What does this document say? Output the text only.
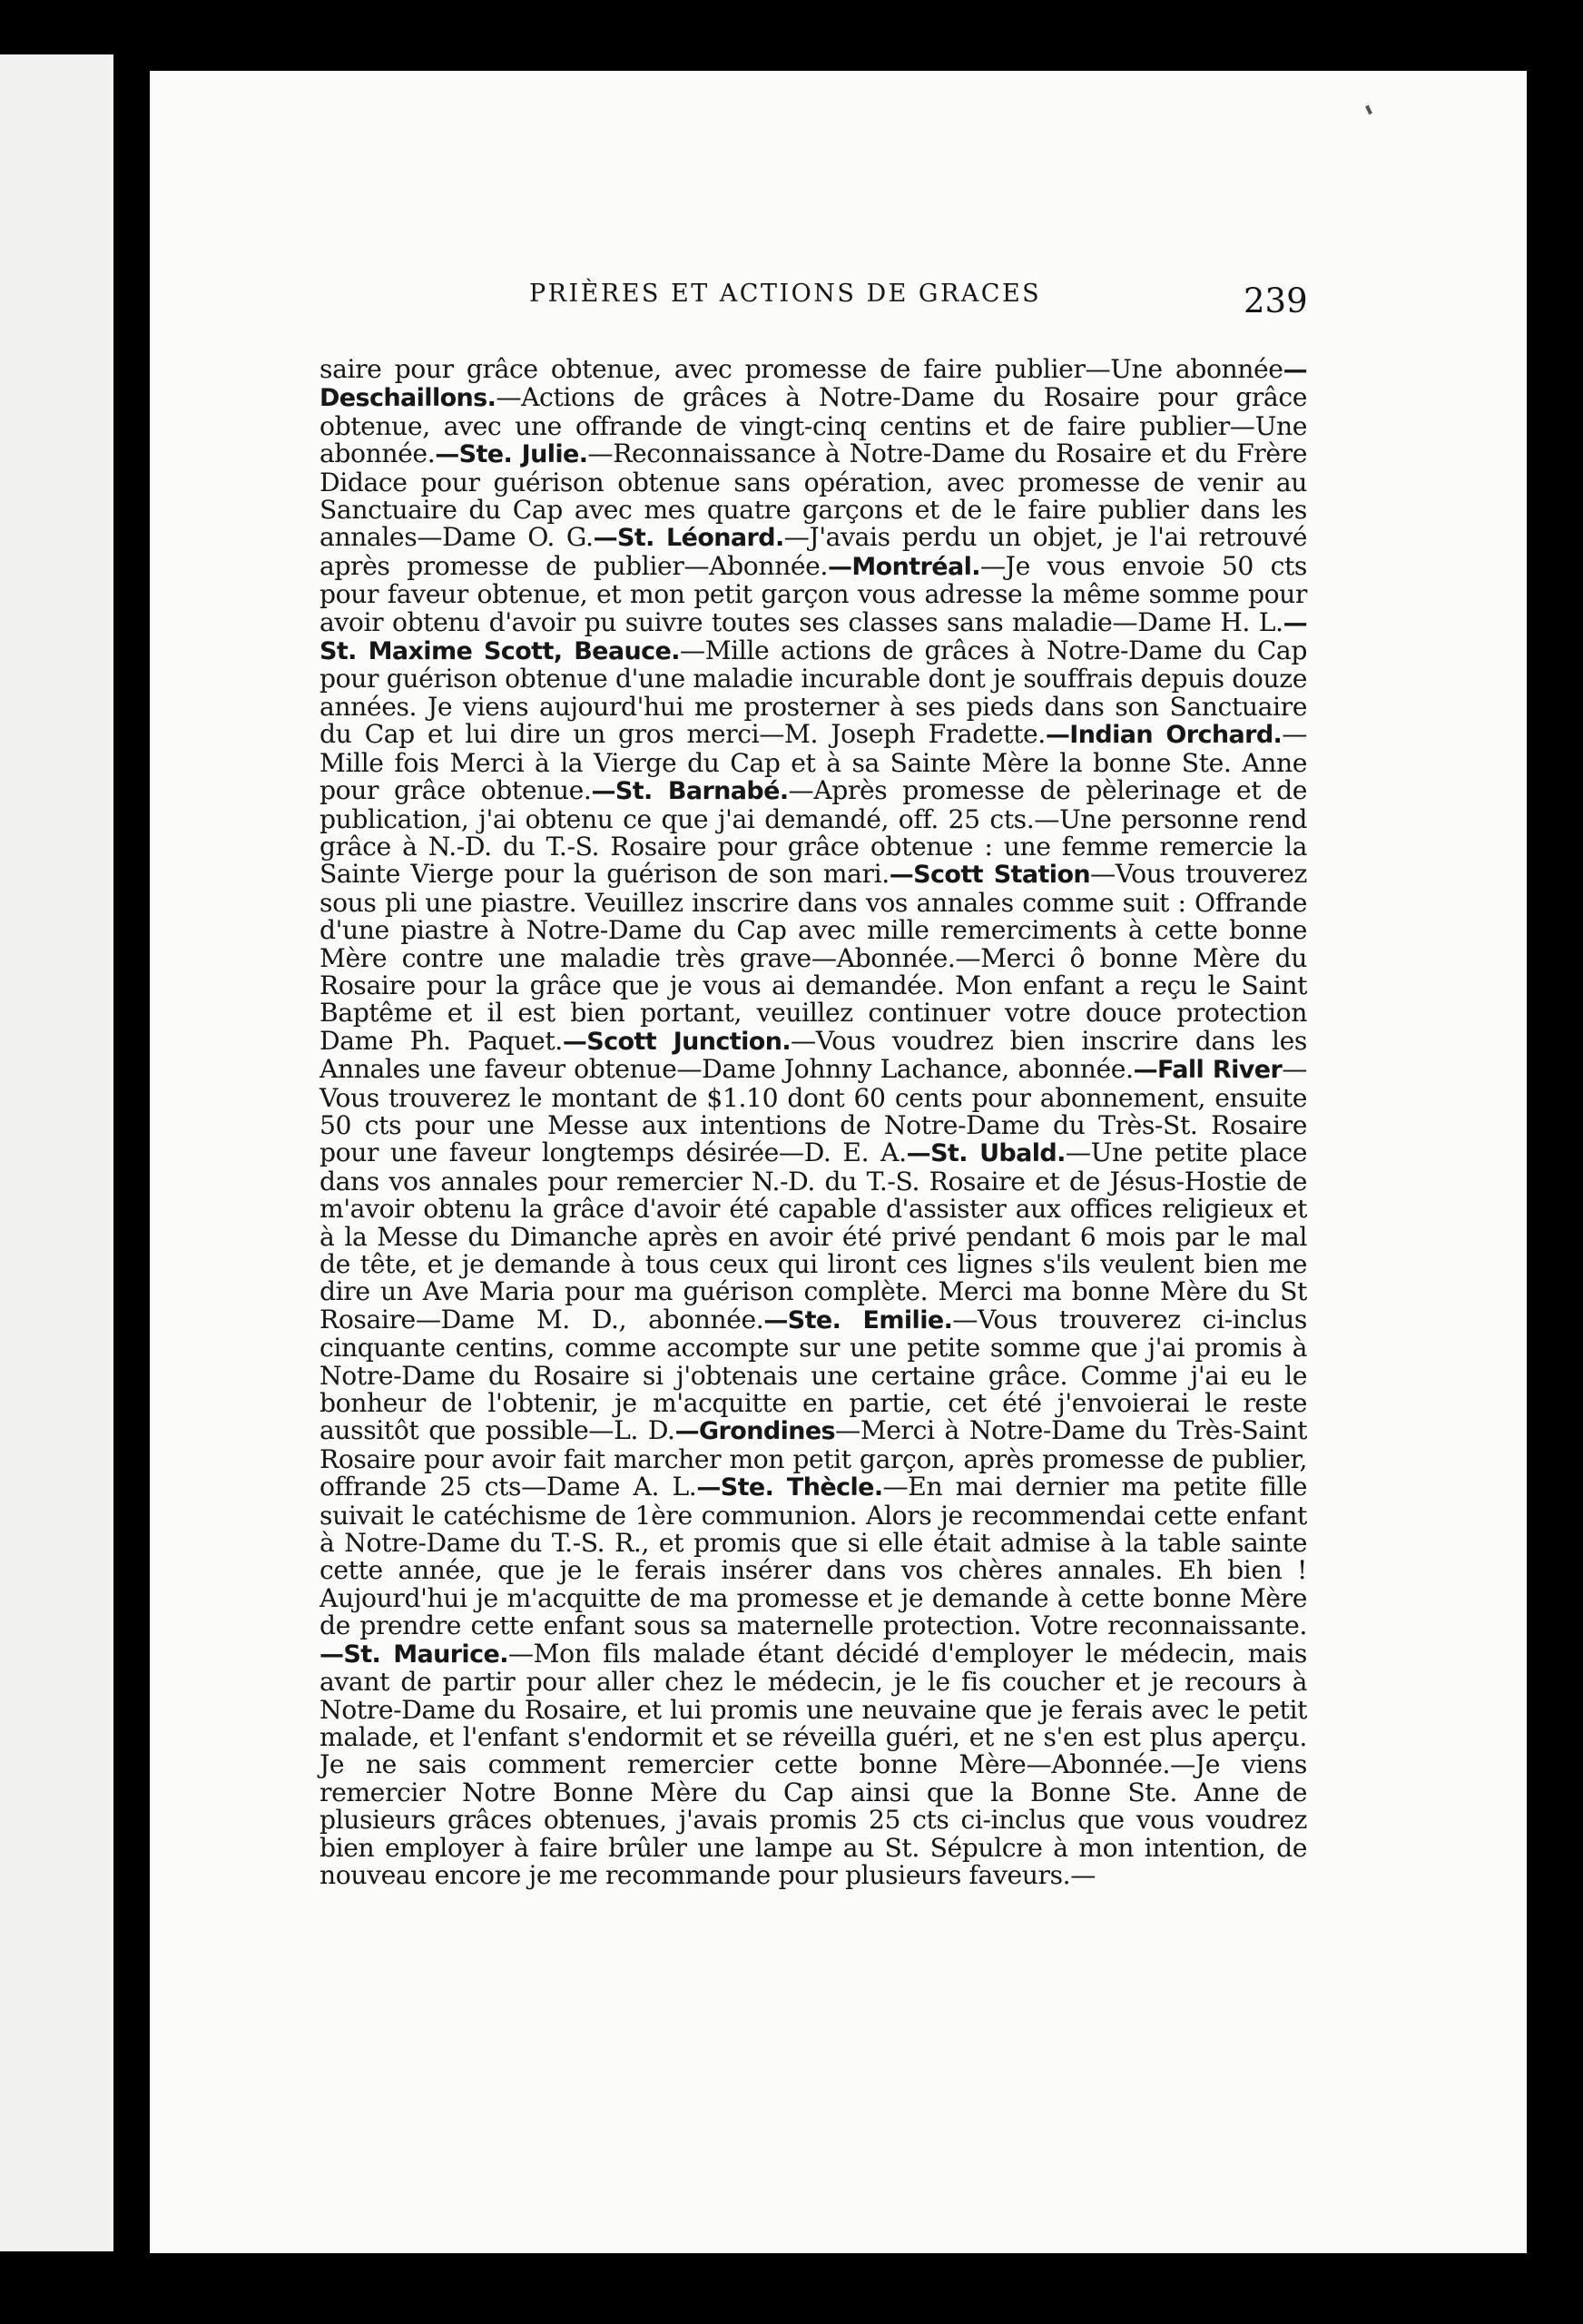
PRIÈRES ET ACTIONS DE GRACES	239
saire pour grâce obtenue, avec promesse de faire publier—Une abonnée—Deschaillons.—Actions de grâces à Notre-Dame du Rosaire pour grâce obtenue, avec une offrande de vingt-cinq centins et de faire publier—Une abonnée.—Ste. Julie.—Reconnaissance à Notre-Dame du Rosaire et du Frère Didace pour guérison obtenue sans opération, avec promesse de venir au Sanctuaire du Cap avec mes quatre garçons et de le faire publier dans les annales—Dame O. G.—St. Léonard.—J'avais perdu un objet, je l'ai retrouvé après promesse de publier—Abonnée.—Montréal.—Je vous envoie 50 cts pour faveur obtenue, et mon petit garçon vous adresse la même somme pour avoir obtenu d'avoir pu suivre toutes ses classes sans maladie—Dame H. L.—St. Maxime Scott, Beauce.—Mille actions de grâces à Notre-Dame du Cap pour guérison obtenue d'une maladie incurable dont je souffrais depuis douze années. Je viens aujourd'hui me prosterner à ses pieds dans son Sanctuaire du Cap et lui dire un gros merci—M. Joseph Fradette.—Indian Orchard.—Mille fois Merci à la Vierge du Cap et à sa Sainte Mère la bonne Ste. Anne pour grâce obtenue.—St. Barnabé.—Après promesse de pèlerinage et de publication, j'ai obtenu ce que j'ai demandé, off. 25 cts.—Une personne rend grâce à N.-D. du T.-S. Rosaire pour grâce obtenue : une femme remercie la Sainte Vierge pour la guérison de son mari.—Scott Station—Vous trouverez sous pli une piastre. Veuillez inscrire dans vos annales comme suit : Offrande d'une piastre à Notre-Dame du Cap avec mille remerciments à cette bonne Mère contre une maladie très grave—Abonnée.—Merci ô bonne Mère du Rosaire pour la grâce que je vous ai demandée. Mon enfant a reçu le Saint Baptême et il est bien portant, veuillez continuer votre douce protection Dame Ph. Paquet.—Scott Junction.—Vous voudrez bien inscrire dans les Annales une faveur obtenue—Dame Johnny Lachance, abonnée.—Fall River—Vous trouverez le montant de $1.10 dont 60 cents pour abonnement, ensuite 50 cts pour une Messe aux intentions de Notre-Dame du Très-St. Rosaire pour une faveur longtemps désirée—D. E. A.—St. Ubald.—Une petite place dans vos annales pour remercier N.-D. du T.-S. Rosaire et de Jésus-Hostie de m'avoir obtenu la grâce d'avoir été capable d'assister aux offices religieux et à la Messe du Dimanche après en avoir été privé pendant 6 mois par le mal de tête, et je demande à tous ceux qui liront ces lignes s'ils veulent bien me dire un Ave Maria pour ma guérison complète. Merci ma bonne Mère du St Rosaire—Dame M. D., abonnée.—Ste. Emilie.—Vous trouverez ci-inclus cinquante centins, comme accompte sur une petite somme que j'ai promis à Notre-Dame du Rosaire si j'obtenais une certaine grâce. Comme j'ai eu le bonheur de l'obtenir, je m'acquitte en partie, cet été j'envoierai le reste aussitôt que possible—L. D.—Grondines—Merci à Notre-Dame du Très-Saint Rosaire pour avoir fait marcher mon petit garçon, après promesse de publier, offrande 25 cts—Dame A. L.—Ste. Thècle.—En mai dernier ma petite fille suivait le catéchisme de 1ère communion. Alors je recommendai cette enfant à Notre-Dame du T.-S. R., et promis que si elle était admise à la table sainte cette année, que je le ferais insérer dans vos chères annales. Eh bien ! Aujourd'hui je m'acquitte de ma promesse et je demande à cette bonne Mère de prendre cette enfant sous sa maternelle protection. Votre reconnaissante.—St. Maurice.—Mon fils malade étant décidé d'employer le médecin, mais avant de partir pour aller chez le médecin, je le fis coucher et je recours à Notre-Dame du Rosaire, et lui promis une neuvaine que je ferais avec le petit malade, et l'enfant s'endormit et se réveilla guéri, et ne s'en est plus aperçu. Je ne sais comment remercier cette bonne Mère—Abonnée.—Je viens remercier Notre Bonne Mère du Cap ainsi que la Bonne Ste. Anne de plusieurs grâces obtenues, j'avais promis 25 cts ci-inclus que vous voudrez bien employer à faire brûler une lampe au St. Sépulcre à mon intention, de nouveau encore je me recommande pour plusieurs faveurs.—
